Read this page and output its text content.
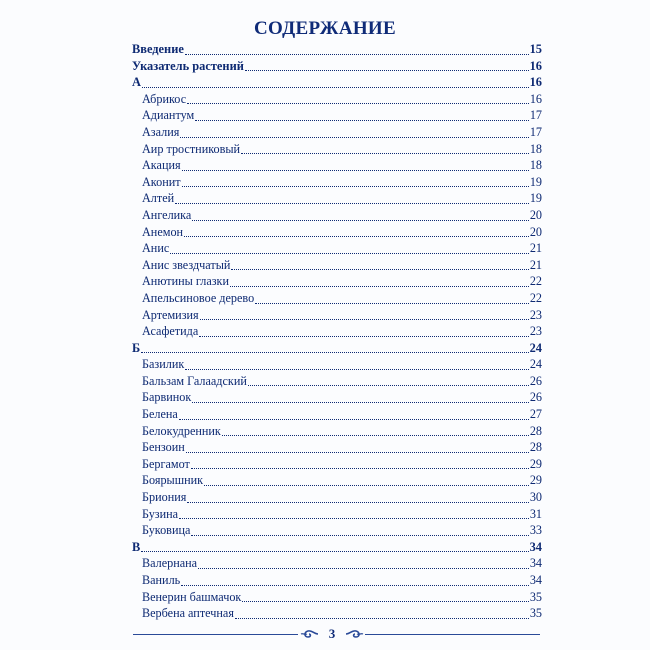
СОДЕРЖАНИЕ
Введение	15
Указатель растений	16
А	16
Абрикос	16
Адиантум	17
Азалия	17
Аир тростниковый	18
Акация	18
Аконит	19
Алтей	19
Ангелика	20
Анемон	20
Анис	21
Анис звездчатый	21
Анютины глазки	22
Апельсиновое дерево	22
Артемизия	23
Асафетида	23
Б	24
Базилик	24
Бальзам Галаадский	26
Барвинок	26
Белена	27
Белокудренник	28
Бензоин	28
Бергамот	29
Боярышник	29
Бриония	30
Бузина	31
Буковица	33
В	34
Валернана	34
Ваниль	34
Венерин башмачок	35
Вербена аптечная	35
3
